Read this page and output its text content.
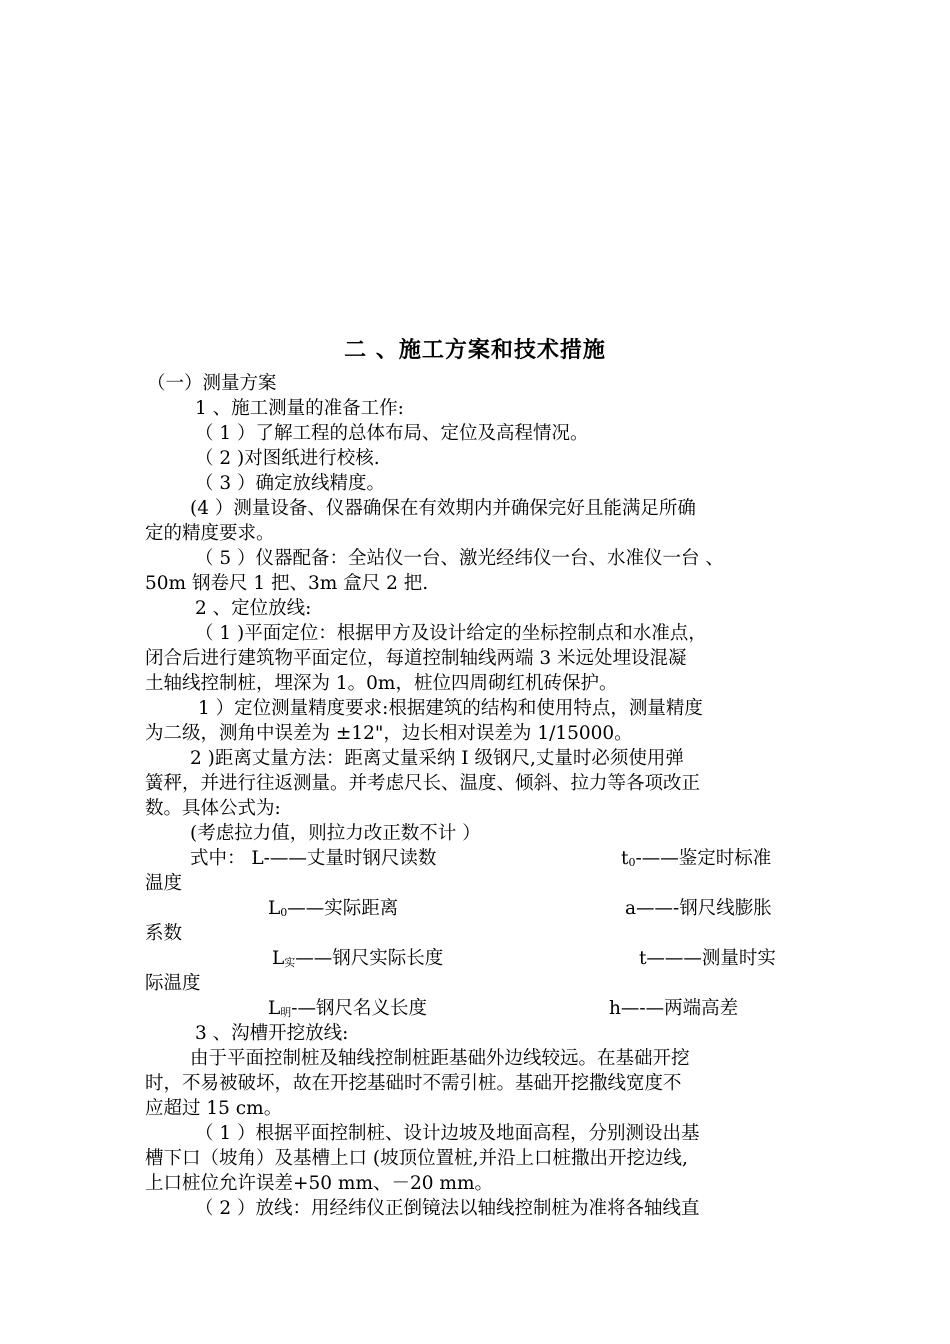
二 、施工方案和技术措施
（一）测量方案
1 、施工测量的准备工作:
（ 1 ）了解工程的总体布局、定位及高程情况。
（ 2 )对图纸进行校核.
（ 3 ）确定放线精度。
(4 ）测量设备、仪器确保在有效期内并确保完好且能满足所确
定的精度要求。
（ 5 ）仪器配备：全站仪一台、激光经纬仪一台、水准仪一台 、
50m 钢卷尺 1 把、3m 盒尺 2 把.
2 、定位放线:
（ 1 )平面定位：根据甲方及设计给定的坐标控制点和水准点，
闭合后进行建筑物平面定位，每道控制轴线两端 3 米远处埋设混凝
土轴线控制桩，埋深为 1。0m，桩位四周砌红机砖保护。
1 ）定位测量精度要求:根据建筑的结构和使用特点，测量精度
为二级，测角中误差为 ±12"，边长相对误差为 1/15000。
2 )距离丈量方法：距离丈量采纳 I 级钢尺,丈量时必须使用弹
簧秤，并进行往返测量。并考虑尺长、温度、倾斜、拉力等各项改正
数。具体公式为:
(考虑拉力值，则拉力改正数不计 ）
式中： L-——丈量时钢尺读数	$t_0-——$鉴定时标准
温度
$L_0——$实际距离	a——-钢尺线膨胀
系数
$L_实——$钢尺实际长度	t———测量时实
际温度
$L_明-—$钢尺名义长度	h—-—两端高差
3 、沟槽开挖放线:
由于平面控制桩及轴线控制桩距基础外边线较远。在基础开挖
时，不易被破坏，故在开挖基础时不需引桩。基础开挖撒线宽度不
应超过 15 cm。
（ 1 ）根据平面控制桩、设计边坡及地面高程，分别测设出基
槽下口（坡角）及基槽上口 (坡顶位置桩,并沿上口桩撒出开挖边线,
上口桩位允许误差+50 mm、－20 mm。
（ 2 ）放线：用经纬仪正倒镜法以轴线控制桩为准将各轴线直
